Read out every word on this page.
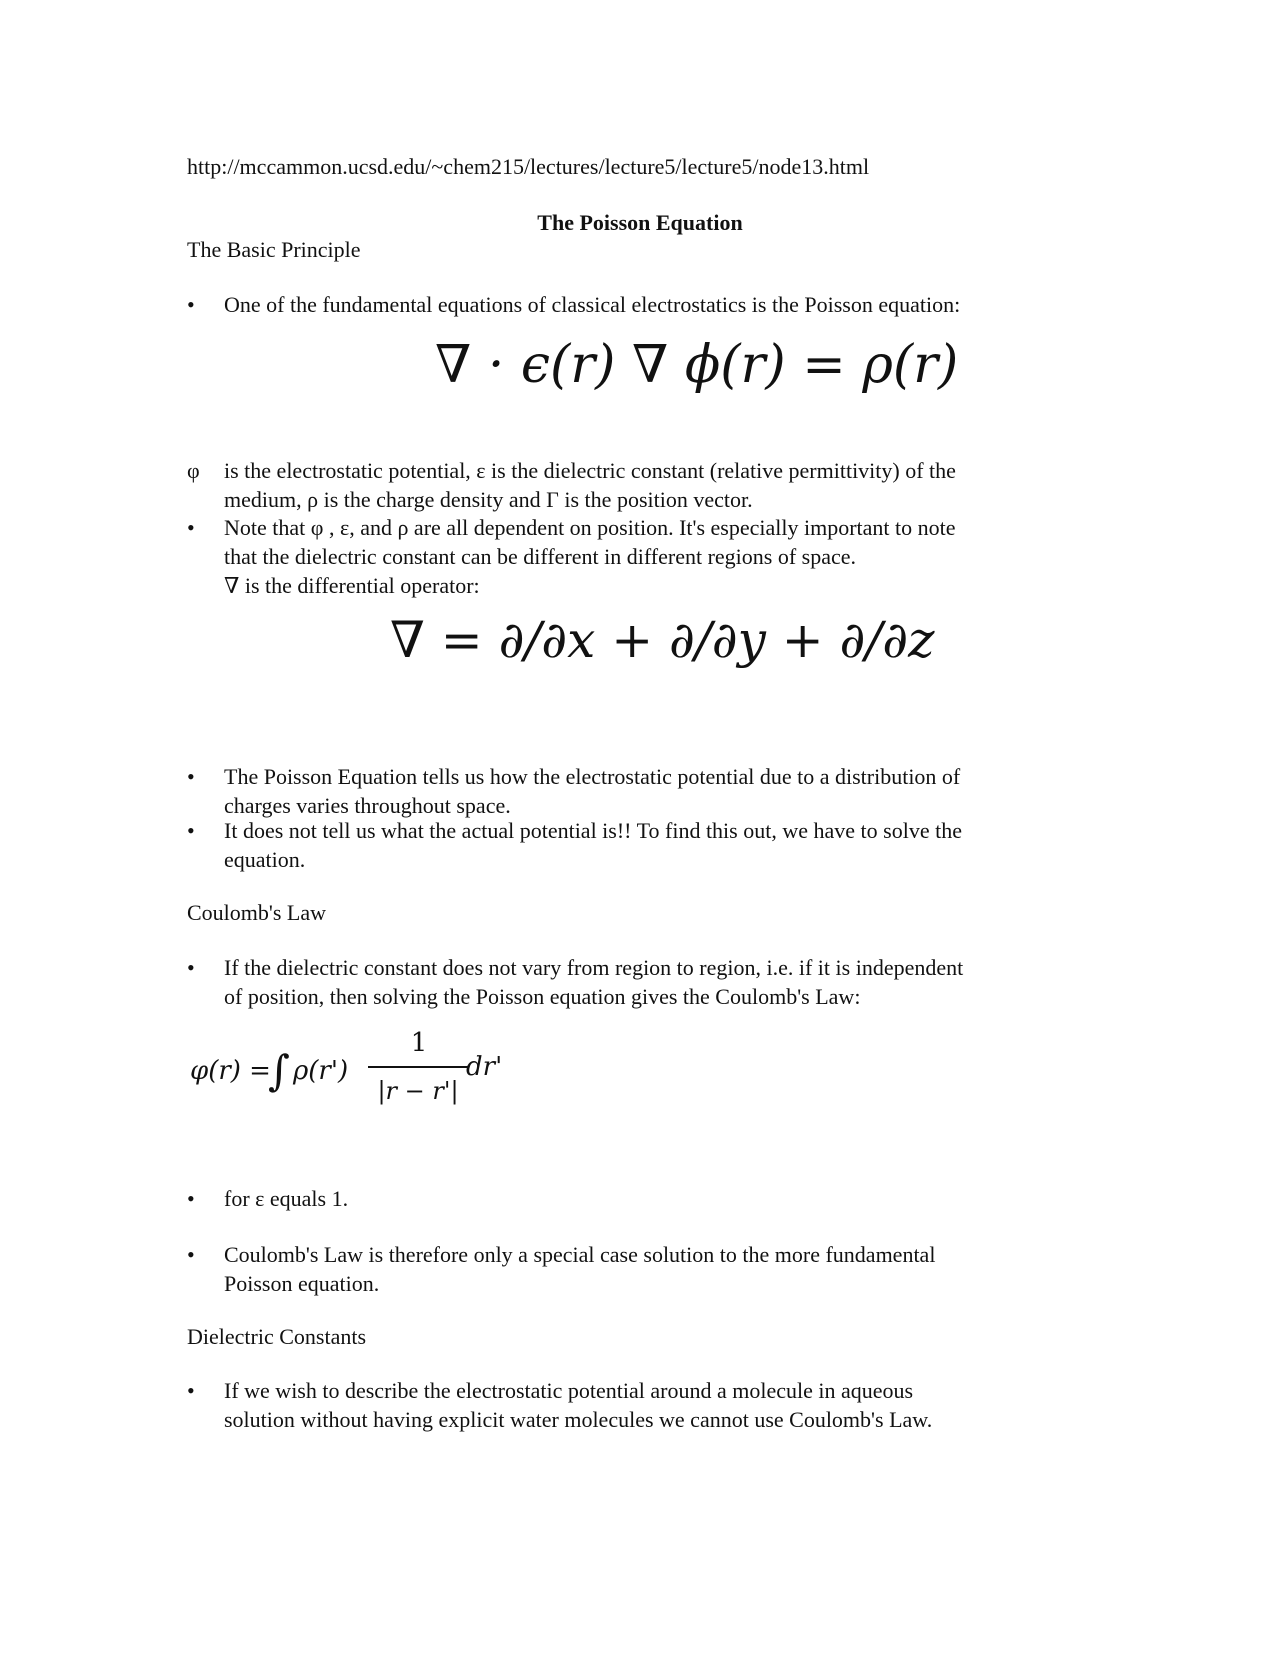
http://mccammon.ucsd.edu/~chem215/lectures/lecture5/lecture5/node13.html
The Poisson Equation
The Basic Principle
•	One of the fundamental equations of classical electrostatics is the Poisson equation:
∇ · ϵ(r) ∇ ϕ(r) = ρ(r)
φ	is the electrostatic potential, ε is the dielectric constant (relative permittivity) of the
medium, ρ is the charge density and Γ is the position vector.
•	Note that φ , ε, and ρ are all dependent on position. It's especially important to note
that the dielectric constant can be different in different regions of space.
∇ is the differential operator:
∇ = ∂/∂x + ∂/∂y + ∂/∂z
•	The Poisson Equation tells us how the electrostatic potential due to a distribution of
charges varies throughout space.
•	It does not tell us what the actual potential is!! To find this out, we have to solve the
equation.
Coulomb's Law
•	If the dielectric constant does not vary from region to region, i.e. if it is independent
of position, then solving the Poisson equation gives the Coulomb's Law:
φ(r) =
∫ ρ(r')
1
|r − r'|
dr'
•	for ε equals 1.
•	Coulomb's Law is therefore only a special case solution to the more fundamental
Poisson equation.
Dielectric Constants
•	If we wish to describe the electrostatic potential around a molecule in aqueous
solution without having explicit water molecules we cannot use Coulomb's Law.
